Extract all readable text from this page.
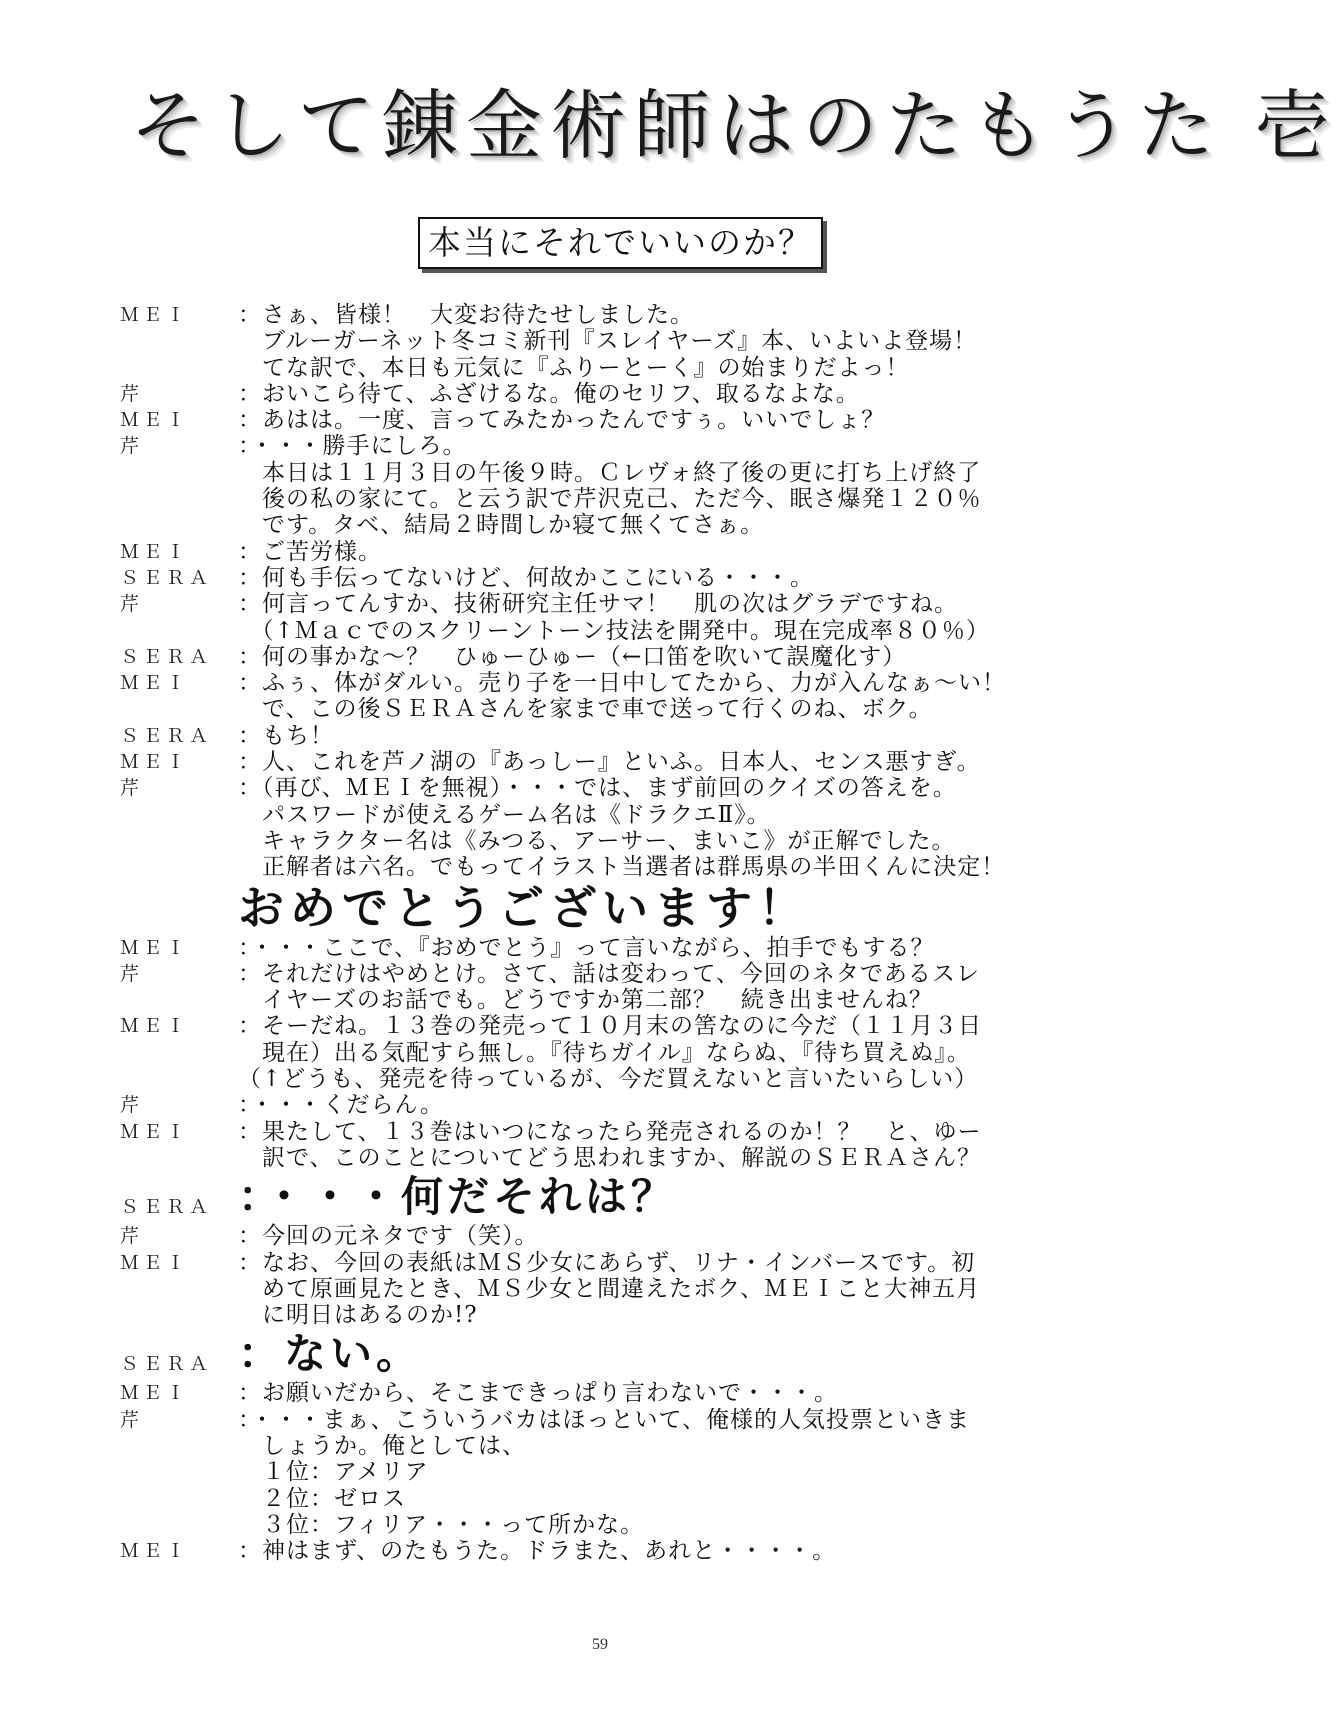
そして錬金術師はのたもうた 壱
本当にそれでいいのか？
ＭＥＩ	：さぁ、皆様！　大変お待たせしました。
　ブルーガーネット冬コミ新刊『スレイヤーズ』本、いよいよ登場！
　てな訳で、本日も元気に『ふりーとーく』の始まりだよっ！
芹	：おいこら待て、ふざけるな。俺のセリフ、取るなよな。
ＭＥＩ	：あはは。一度、言ってみたかったんですぅ。いいでしょ？
芹	：・・・勝手にしろ。
　本日は１１月３日の午後９時。Ｃレヴォ終了後の更に打ち上げ終了
　後の私の家にて。と云う訳で芹沢克己、ただ今、眠さ爆発１２０％
　です。タベ、結局２時間しか寝て無くてさぁ。
ＭＥＩ	：ご苦労様。
ＳＥＲＡ	：何も手伝ってないけど、何故かここにいる・・・。
芹	：何言ってんすか、技術研究主任サマ！　肌の次はグラデですね。
　（↑Ｍａｃでのスクリーントーン技法を開発中。現在完成率８０％）
ＳＥＲＡ	：何の事かな～？　ひゅーひゅー（←口笛を吹いて誤魔化す）
ＭＥＩ	：ふぅ、体がダルい。売り子を一日中してたから、力が入んなぁ～い！
　で、この後ＳＥＲＡさんを家まで車で送って行くのね、ボク。
ＳＥＲＡ	：もち！
ＭＥＩ	：人、これを芦ノ湖の『あっしー』といふ。日本人、センス悪すぎ。
芹	：（再び、ＭＥＩを無視）・・・では、まず前回のクイズの答えを。
　パスワードが使えるゲーム名は《ドラクエⅡ》。
　キャラクター名は《みつる、アーサー、まいこ》が正解でした。
　正解者は六名。でもってイラスト当選者は群馬県の半田くんに決定！
おめでとうございます！
ＭＥＩ	：・・・ここで、『おめでとう』って言いながら、拍手でもする？
芹	：それだけはやめとけ。さて、話は変わって、今回のネタであるスレ
　イヤーズのお話でも。どうですか第二部？　続き出ませんね？
ＭＥＩ	：そーだね。１３巻の発売って１０月末の筈なのに今だ（１１月３日
　現在）出る気配すら無し。『待ちガイル』ならぬ、『待ち買えぬ』。
（↑どうも、発売を待っているが、今だ買えないと言いたいらしい）
芹	：・・・くだらん。
ＭＥＩ	：果たして、１３巻はいつになったら発売されるのか！？　と、ゆー
　訳で、このことについてどう思われますか、解説のＳＥＲＡさん？
ＳＥＲＡ ：・・・何だそれは？
芹	：今回の元ネタです（笑）。
ＭＥＩ	：なお、今回の表紙はＭＳ少女にあらず、リナ・インバースです。初
　めて原画見たとき、ＭＳ少女と間違えたボク、ＭＥＩこと大神五月
　に明日はあるのか!?
ＳＥＲＡ ：ない。
ＭＥＩ	：お願いだから、そこまできっぱり言わないで・・・。
芹	：・・・まぁ、こういうバカはほっといて、俺様的人気投票といきま
　しょうか。俺としては、
　１位：アメリア
　２位：ゼロス
　３位：フィリア・・・って所かな。
ＭＥＩ	：神はまず、のたもうた。ドラまた、あれと・・・・。
59
